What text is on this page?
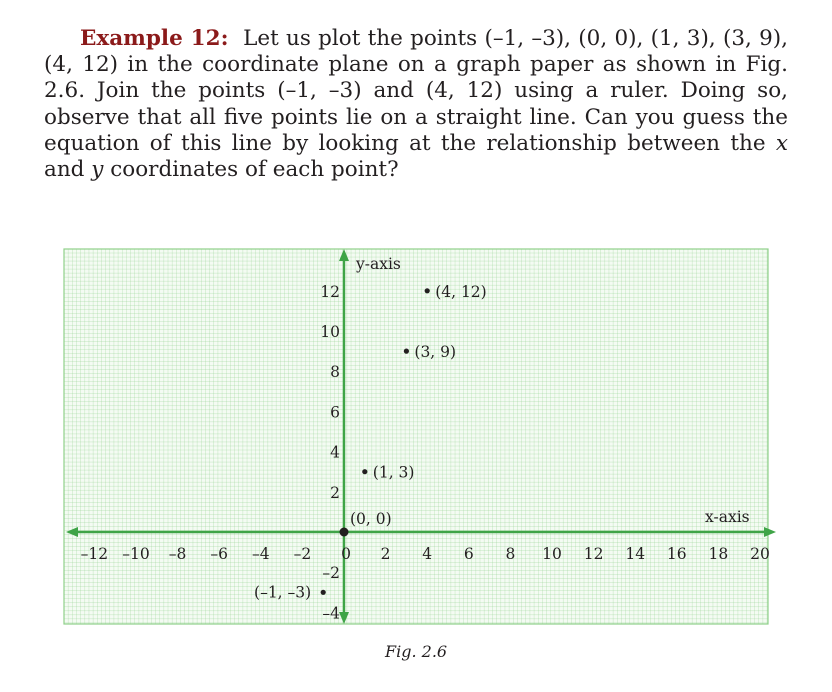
Example 12: Let us plot the points (–1, –3), (0, 0), (1, 3), (3, 9), (4, 12) in the coordinate plane on a graph paper as shown in Fig. 2.6. Join the points (–1, –3) and (4, 12) using a ruler. Doing so, observe that all five points lie on a straight line. Can you guess the equation of this line by looking at the relationship between the x and y coordinates of each point?
–12 –10 –8 –6 –4 –2 0 2 4 6 8 10 12 14 16 18 20
12
10
8
6
4
2
–2
–4
(–1, –3)
(0, 0)
(1, 3)
(3, 9)
(4, 12)
y-axis
x-axis
Fig. 2.6
